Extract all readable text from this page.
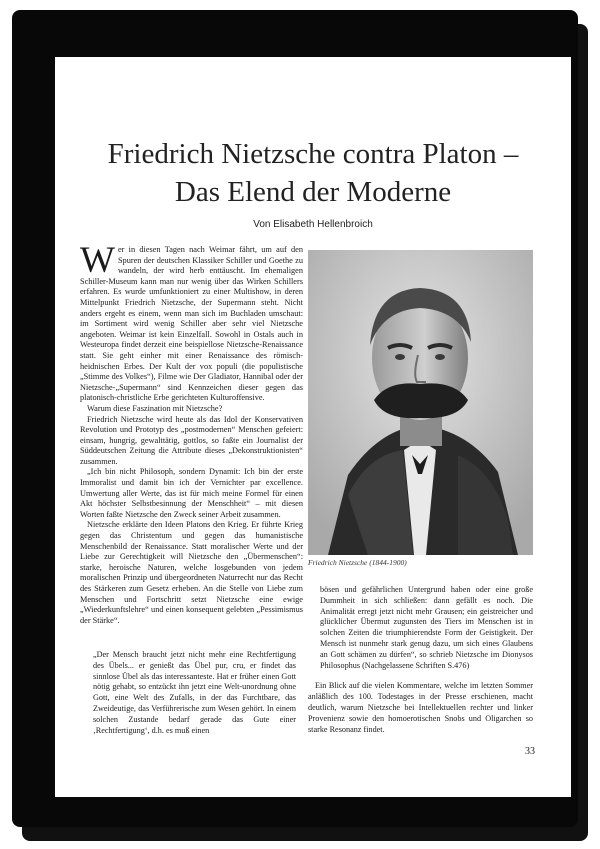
Friedrich Nietzsche contra Platon –
Das Elend der Moderne
Von Elisabeth Hellenbroich

W er in diesen Tagen nach Weimar fährt, um auf den Spuren der deutschen Klassiker Schiller und Goethe zu wandeln, der wird herb enttäuscht. Im ehemaligen Schiller-Museum kann man nur wenig über das Wirken Schillers erfahren. Es wurde umfunktioniert zu einer Multishow, in deren Mittelpunkt Friedrich Nietzsche, der Supermann steht. Nicht anders ergeht es einem, wenn man sich im Buchladen umschaut: im Sortiment wird wenig Schiller aber sehr viel Nietzsche angeboten. Weimar ist kein Einzelfall. Sowohl in Ostals auch in Westeuropa findet derzeit eine beispiellose Nietzsche-Renaissance statt. Sie geht einher mit einer Renaissance des römisch-heidnischen Erbes. Der Kult der vox populi (die populistische „Stimme des Volkes“), Filme wie Der Gladiator, Hannibal oder der Nietzsche-„Supermann“ sind Kennzeichen dieser gegen das platonisch-christliche Erbe gerichteten Kulturoffensive.

Warum diese Faszination mit Nietzsche?

Friedrich Nietzsche wird heute als das Idol der Konservativen Revolution und Prototyp des „postmodernen“ Menschen gefeiert: einsam, hungrig, gewalttätig, gottlos, so faßte ein Journalist der Süddeutschen Zeitung die Attribute dieses „Dekonstruktionisten“ zusammen.

„Ich bin nicht Philosoph, sondern Dynamit: Ich bin der erste Immoralist und damit bin ich der Vernichter par excellence. Umwertung aller Werte, das ist für mich meine Formel für einen Akt höchster Selbstbesinnung der Menschheit“ – mit diesen Worten faßte Nietzsche den Zweck seiner Arbeit zusammen.

Nietzsche erklärte den Ideen Platons den Krieg. Er führte Krieg gegen das Christentum und gegen das humanistische Menschenbild der Renaissance. Statt moralischer Werte und der Liebe zur Gerechtigkeit will Nietzsche den „Übermenschen“: starke, heroische Naturen, welche losgebunden von jedem moralischen Prinzip und übergeordneten Naturrecht nur das Recht des Stärkeren zum Gesetz erheben. An die Stelle von Liebe zum Menschen und Fortschritt setzt Nietzsche eine ewige „Wiederkunftslehre“ und einen konsequent gelebten „Pessimismus der Stärke“.

„Der Mensch braucht jetzt nicht mehr eine Rechtfertigung des Übels... er genießt das Übel pur, cru, er findet das sinnlose Übel als das interessanteste. Hat er früher einen Gott nötig gehabt, so entzückt ihn jetzt eine Welt-unordnung ohne Gott, eine Welt des Zufalls, in der das Furchtbare, das Zweideutige, das Verführerische zum Wesen gehört. In einem solchen Zustande bedarf gerade das Gute einer ‚Rechtfertigung‘, d.h. es muß einen
Friedrich Nietzsche (1844-1900)

bösen und gefährlichen Untergrund haben oder eine große Dummheit in sich schließen: dann gefällt es noch. Die Animalität erregt jetzt nicht mehr Grausen; ein geistreicher und glücklicher Übermut zugunsten des Tiers im Menschen ist in solchen Zeiten die triumphierendste Form der Geistigkeit. Der Mensch ist nunmehr stark genug dazu, um sich eines Glaubens an Gott schämen zu dürfen“, so schrieb Nietzsche im Dionysos Philosophus (Nachgelassene Schriften S.476)

Ein Blick auf die vielen Kommentare, welche im letzten Sommer anläßlich des 100. Todestages in der Presse erschienen, macht deutlich, warum Nietzsche bei Intellektuellen rechter und linker Provenienz sowie den homoerotischen Snobs und Oligarchen so starke Resonanz findet.

33
